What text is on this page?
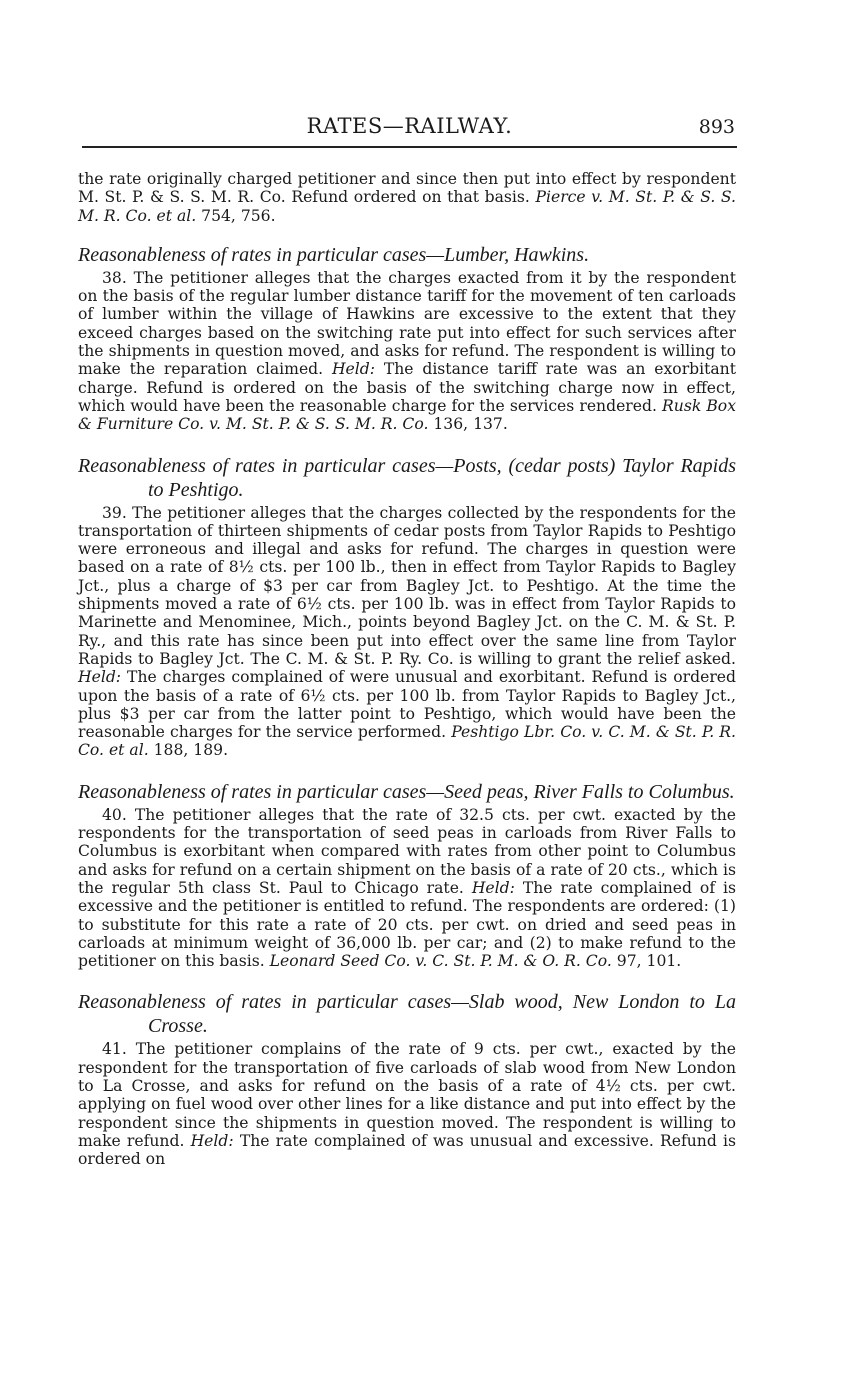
RATES—RAILWAY.	893

the rate originally charged petitioner and since then put into effect by respondent M. St. P. & S. S. M. R. Co. Refund ordered on that basis. Pierce v. M. St. P. & S. S. M. R. Co. et al. 754, 756.

Reasonableness of rates in particular cases—Lumber, Hawkins.

38. The petitioner alleges that the charges exacted from it by the respondent on the basis of the regular lumber distance tariff for the movement of ten carloads of lumber within the village of Hawkins are excessive to the extent that they exceed charges based on the switching rate put into effect for such services after the shipments in question moved, and asks for refund. The respondent is willing to make the reparation claimed. Held: The distance tariff rate was an exorbitant charge. Refund is ordered on the basis of the switching charge now in effect, which would have been the reasonable charge for the services rendered. Rusk Box & Furniture Co. v. M. St. P. & S. S. M. R. Co. 136, 137.

Reasonableness of rates in particular cases—Posts, (cedar posts) Taylor Rapids to Peshtigo.

39. The petitioner alleges that the charges collected by the respondents for the transportation of thirteen shipments of cedar posts from Taylor Rapids to Peshtigo were erroneous and illegal and asks for refund. The charges in question were based on a rate of 8½ cts. per 100 lb., then in effect from Taylor Rapids to Bagley Jct., plus a charge of $3 per car from Bagley Jct. to Peshtigo. At the time the shipments moved a rate of 6½ cts. per 100 lb. was in effect from Taylor Rapids to Marinette and Menominee, Mich., points beyond Bagley Jct. on the C. M. & St. P. Ry., and this rate has since been put into effect over the same line from Taylor Rapids to Bagley Jct. The C. M. & St. P. Ry. Co. is willing to grant the relief asked. Held: The charges complained of were unusual and exorbitant. Refund is ordered upon the basis of a rate of 6½ cts. per 100 lb. from Taylor Rapids to Bagley Jct., plus $3 per car from the latter point to Peshtigo, which would have been the reasonable charges for the service performed. Peshtigo Lbr. Co. v. C. M. & St. P. R. Co. et al. 188, 189.

Reasonableness of rates in particular cases—Seed peas, River Falls to Columbus.

40. The petitioner alleges that the rate of 32.5 cts. per cwt. exacted by the respondents for the transportation of seed peas in carloads from River Falls to Columbus is exorbitant when compared with rates from other point to Columbus and asks for refund on a certain shipment on the basis of a rate of 20 cts., which is the regular 5th class St. Paul to Chicago rate. Held: The rate complained of is excessive and the petitioner is entitled to refund. The respondents are ordered: (1) to substitute for this rate a rate of 20 cts. per cwt. on dried and seed peas in carloads at minimum weight of 36,000 lb. per car; and (2) to make refund to the petitioner on this basis. Leonard Seed Co. v. C. St. P. M. & O. R. Co. 97, 101.

Reasonableness of rates in particular cases—Slab wood, New London to La Crosse.

41. The petitioner complains of the rate of 9 cts. per cwt., exacted by the respondent for the transportation of five carloads of slab wood from New London to La Crosse, and asks for refund on the basis of a rate of 4½ cts. per cwt. applying on fuel wood over other lines for a like distance and put into effect by the respondent since the shipments in question moved. The respondent is willing to make refund. Held: The rate complained of was unusual and excessive. Refund is ordered on
